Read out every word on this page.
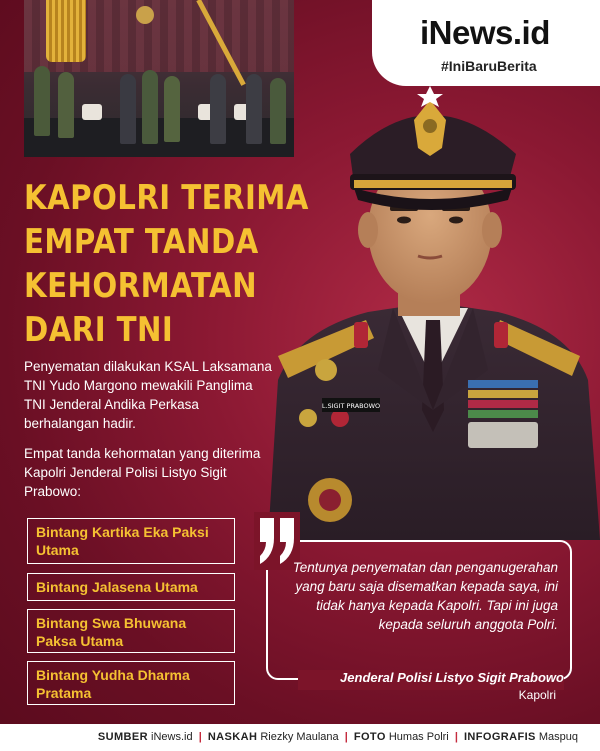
iNews.id
#IniBaruBerita
L.SIGIT PRABOWO
KAPOLRI TERIMA
EMPAT TANDA
KEHORMATAN
DARI TNI

Penyematan dilakukan KSAL Laksamana TNI Yudo Margono mewakili Panglima TNI Jenderal Andika Perkasa berhalangan hadir.

Empat tanda kehormatan yang diterima Kapolri Jenderal Polisi Listyo Sigit Prabowo:

Bintang Kartika Eka Paksi Utama
Bintang Jalasena Utama
Bintang Swa Bhuwana Paksa Utama
Bintang Yudha Dharma Pratama

Tentunya penyematan dan penganugerahan yang baru saja disematkan kepada saya, ini tidak hanya kepada Kapolri. Tapi ini juga kepada seluruh anggota Polri.

Jenderal Polisi Listyo Sigit Prabowo
Kapolri
SUMBER iNews.id | NASKAH Riezky Maulana | FOTO Humas Polri | INFOGRAFIS Maspuq
